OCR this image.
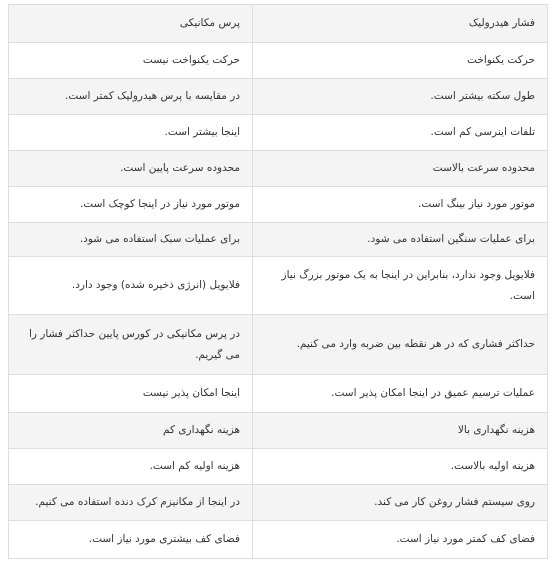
فشار هیدرولیک	پرس مکانیکی
حرکت یکنواخت	حرکت یکنواخت نیست
طول سکته بیشتر است.	در مقایسه با پرس هیدرولیک کمتر است.
تلفات اینرسی کم است.	اینجا بیشتر است.
محدوده سرعت بالاست	محدوده سرعت پایین است.
موتور مورد نیاز بینگ است.	موتور مورد نیاز در اینجا کوچک است.
برای عملیات سنگین استفاده می شود.	برای عملیات سبک استفاده می شود.
فلایویل وجود ندارد، بنابراین در اینجا به یک موتور بزرگ نیاز است.	فلایویل (انرژی ذخیره شده) وجود دارد.
حداکثر فشاری که در هر نقطه بین ضربه وارد می کنیم.	در پرس مکانیکی در کورس پایین حداکثر فشار را می گیریم.
عملیات ترسیم عمیق در اینجا امکان پذیر است.	اینجا امکان پذیر نیست
هزینه نگهداری بالا	هزینه نگهداری کم
هزینه اولیه بالاست.	هزینه اولیه کم است.
روی سیستم فشار روغن کار می کند.	در اینجا از مکانیزم کرک دنده استفاده می کنیم.
فضای کف کمتر مورد نیاز است.	فضای کف بیشتری مورد نیاز است.
